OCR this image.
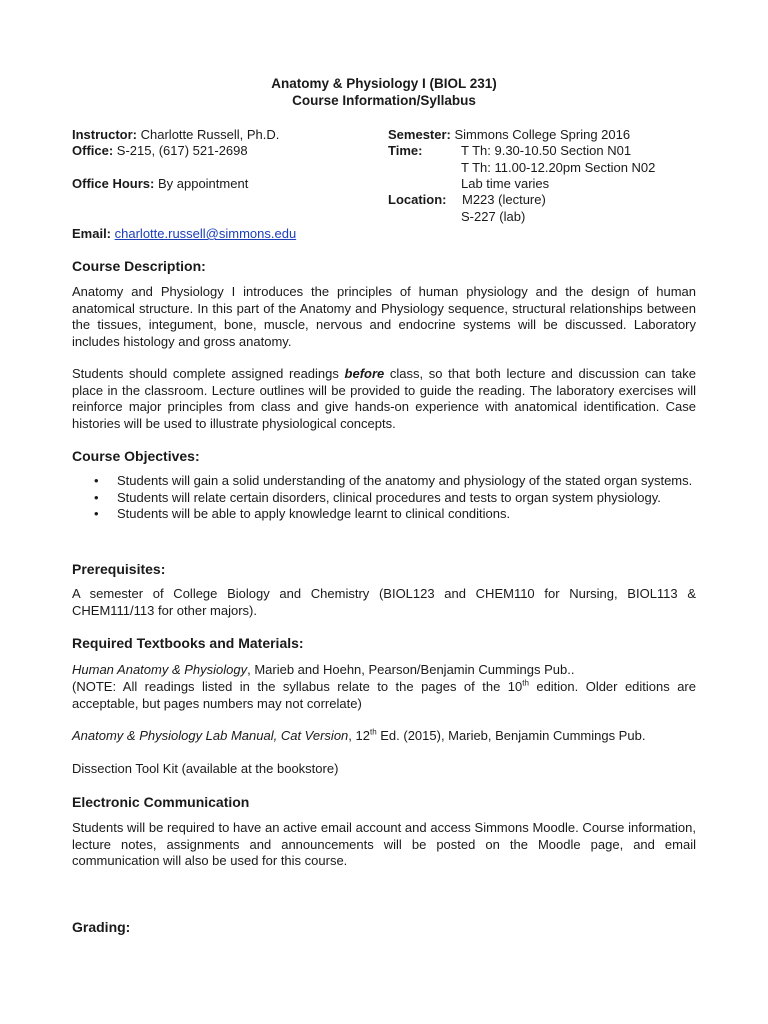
Anatomy & Physiology I (BIOL 231)
Course Information/Syllabus
Instructor: Charlotte Russell, Ph.D.
Office: S-215, (617) 521-2698
Office Hours: By appointment
Email: charlotte.russell@simmons.edu
Semester: Simmons College Spring 2016
Time:	T Th: 9.30-10.50 Section N01
T Th: 11.00-12.20pm Section N02
Lab time varies
Location: M223 (lecture)
S-227 (lab)
Course Description:

Anatomy and Physiology I introduces the principles of human physiology and the design of human anatomical structure. In this part of the Anatomy and Physiology sequence, structural relationships between the tissues, integument, bone, muscle, nervous and endocrine systems will be discussed. Laboratory includes histology and gross anatomy.

Students should complete assigned readings before class, so that both lecture and discussion can take place in the classroom. Lecture outlines will be provided to guide the reading. The laboratory exercises will reinforce major principles from class and give hands-on experience with anatomical identification. Case histories will be used to illustrate physiological concepts.

Course Objectives:
• Students will gain a solid understanding of the anatomy and physiology of the stated organ systems.
• Students will relate certain disorders, clinical procedures and tests to organ system physiology.
• Students will be able to apply knowledge learnt to clinical conditions.
Prerequisites:

A semester of College Biology and Chemistry (BIOL123 and CHEM110 for Nursing, BIOL113 & CHEM111/113 for other majors).

Required Textbooks and Materials:

Human Anatomy & Physiology, Marieb and Hoehn, Pearson/Benjamin Cummings Pub..

(NOTE: All readings listed in the syllabus relate to the pages of the 10th edition. Older editions are acceptable, but pages numbers may not correlate)

Anatomy & Physiology Lab Manual, Cat Version, 12th Ed. (2015), Marieb, Benjamin Cummings Pub.

Dissection Tool Kit (available at the bookstore)

Electronic Communication

Students will be required to have an active email account and access Simmons Moodle. Course information, lecture notes, assignments and announcements will be posted on the Moodle page, and email communication will also be used for this course.

Grading:
